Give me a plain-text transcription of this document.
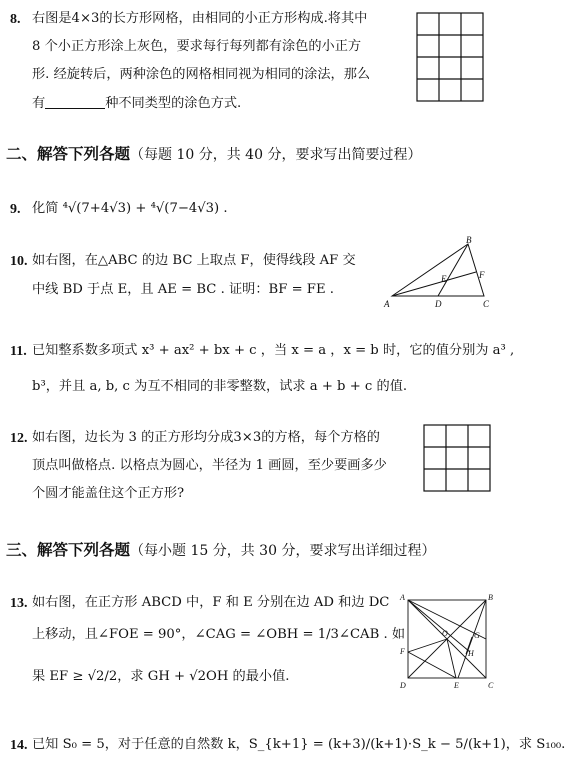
8. 右图是4×3的长方形网格，由相同的小正方形构成.将其中
8 个小正方形涂上灰色，要求每行每列都有涂色的小正方
形. 经旋转后，两种涂色的网格相同视为相同的涂法，那么
有	种不同类型的涂色方式.
二、解答下列各题（每题 10 分，共 40 分，要求写出简要过程）
9. 化简 ⁴√(7+4√3) + ⁴√(7−4√3) .
10. 如右图，在△ABC 的边 BC 上取点 F，使得线段 AF 交
中线 BD 于点 E，且 AE = BC . 证明：BF = FE .
A
B
C
D
E	F
11. 已知整系数多项式 x³ + ax² + bx + c ，当 x = a ，x = b 时，它的值分别为 a³ ,
b³，并且 a, b, c 为互不相同的非零整数，试求 a + b + c 的值.
12. 如右图，边长为 3 的正方形均分成3×3的方格，每个方格的
顶点叫做格点. 以格点为圆心，半径为 1 画圆，至少要画多少
个圆才能盖住这个正方形?
三、解答下列各题（每小题 15 分，共 30 分，要求写出详细过程）
13. 如右图，在正方形 ABCD 中，F 和 E 分别在边 AD 和边 DC
上移动，且∠FOE = 90°，∠CAG = ∠OBH = 1/3∠CAB . 如
果 EF ≥ √2/2，求 GH + √2OH 的最小值.
A	B
C
D	E
F
G
H
O
14. 已知 S₀ = 5，对于任意的自然数 k，S_{k+1} = (k+3)/(k+1)·S_k − 5/(k+1)，求 S₁₀₀.
